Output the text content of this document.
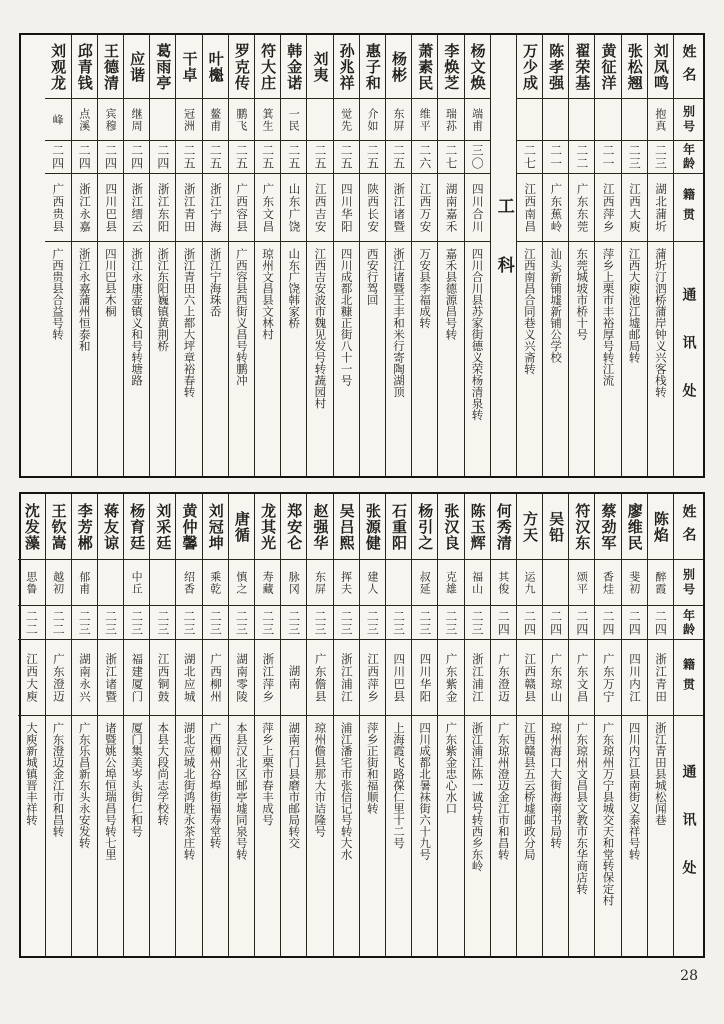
姓名
别号
年龄
籍贯
通讯处
刘凤鸣
抱真
二三
湖北蒲圻
蒲圻汀泗桥蒲岸钟义兴客栈转
张松翘
二三
江西大庾
江西大庾池江墟邮局转
黄征洋
二一
江西萍乡
萍乡上栗市丰裕厚号转江流
翟荣基
二二
广东东莞
东莞城坡市桥十号
陈孝强
二一
广东蕉岭
汕头新铺墟新铺公学校
万少成
二七
江西南昌
江西南昌合同巷义兴斋转
工科
杨文焕
端甫
三〇
四川合川
四川合川县苏家街德义荣杨清泉转
李焕芝
瑞荪
二七
湖南嘉禾
嘉禾县德源昌号转
萧素民
维平
二六
江西万安
万安县李福成转
杨彬
东屏
二五
浙江诸暨
浙江诸暨王丰和米行寄陶湖顶
惠子和
介如
二五
陕西长安
西安行驾回
孙兆祥
觉先
二五
四川华阳
四川成都北糠正街八十一号
刘夷
二五
江西吉安
江西吉安波市魏见发号转蔬园村
韩金诺
一民
二五
山东广饶
山东广饶韩家桥
符大庄
箕生
二五
广东文昌
琼州文昌县文林村
罗克传
鹏飞
二五
广西容县
广西容县西街义昌号转鹏冲
叶櫆
鳌甫
二五
浙江宁海
浙江宁海珠岙
干卓
冠洲
二五
浙江青田
浙江青田六上都大坪章裕春转
葛雨亭
二四
浙江东阳
浙江东阳巍镇黄荆桥
应谐
继周
二四
浙江缙云
浙江永康壶镇义和号转塘路
王德清
宾穆
二四
四川巴县
四川巴县木桐
邱青钱
点溪
二四
浙江永嘉
浙江永嘉蒲州恒泰和
刘观龙
峰
二四
广西贵县
广西贵县合益号转
姓名
别号
年龄
籍贯
通讯处
陈焰
醉霞
二四
浙江青田
浙江青田县城松闻巷
廖维民
斐初
二四
四川内江
四川内江县南街义泰祥号转
蔡劲军
香烓
二四
广东万宁
广东琼州万宁县城交天和堂转保定村
符汉东
颂平
二四
广东文昌
广东琼州文昌县文教市东华商店转
吴铅
二四
广东琼山
琼州海口大街海南书局转
方天
运九
二四
江西赣县
江西赣县五云桥墟邮政分局
何秀清
其俊
二四
广东澄迈
广东琼州澄迈金江市和昌转
陈玉辉
福山
二三
浙江浦江
浙江浦江陈一诚号转西乡东岭
张汉良
克雄
二三
广东紫金
广东紫金忠心水口
杨引之
叔延
二三
四川华阳
四川成都北暑袜街六十九号
石重阳
二三
四川巴县
上海霞飞路葆仁里十二号
张源健
建人
二三
江西萍乡
萍乡正街和福顺转
吴吕熙
挥夫
二三
浙江浦江
浦江潘宅市张信记号转大水
赵强华
东屏
二三
广东儋县
琼州儋县那大市诘隆号
郑安仑
脉冈
二三
湖南
湖南石门县磨市邮局转交
龙其光
寿藏
二三
浙江萍乡
萍乡上栗市春丰成号
唐循
慎之
二三
湖南零陵
本县汉北区邮亭墟同泉号转
刘冠坤
乘乾
二三
广西柳州
广西柳州谷埠街福寿堂转
黄仲馨
绍香
二三
湖北应城
湖北应城北街鸿胜永茶庄转
刘采廷
二三
江西铜鼓
本县大段尚志学校转
杨育廷
中丘
二三
福建厦门
厦门集美岑头街仁和号
蒋友谅
二三
浙江诸暨
诸暨姚公埠恒瑞昌号转七里
李芳郴
郁甫
二三
湖南永兴
广东乐昌新东头永安发转
王钦嵩
越初
二二
广东澄迈
广东澄迈金江市和昌转
沈发藻
思鲁
二二
江西大庾
大庾新城镇晋丰祥转
28
